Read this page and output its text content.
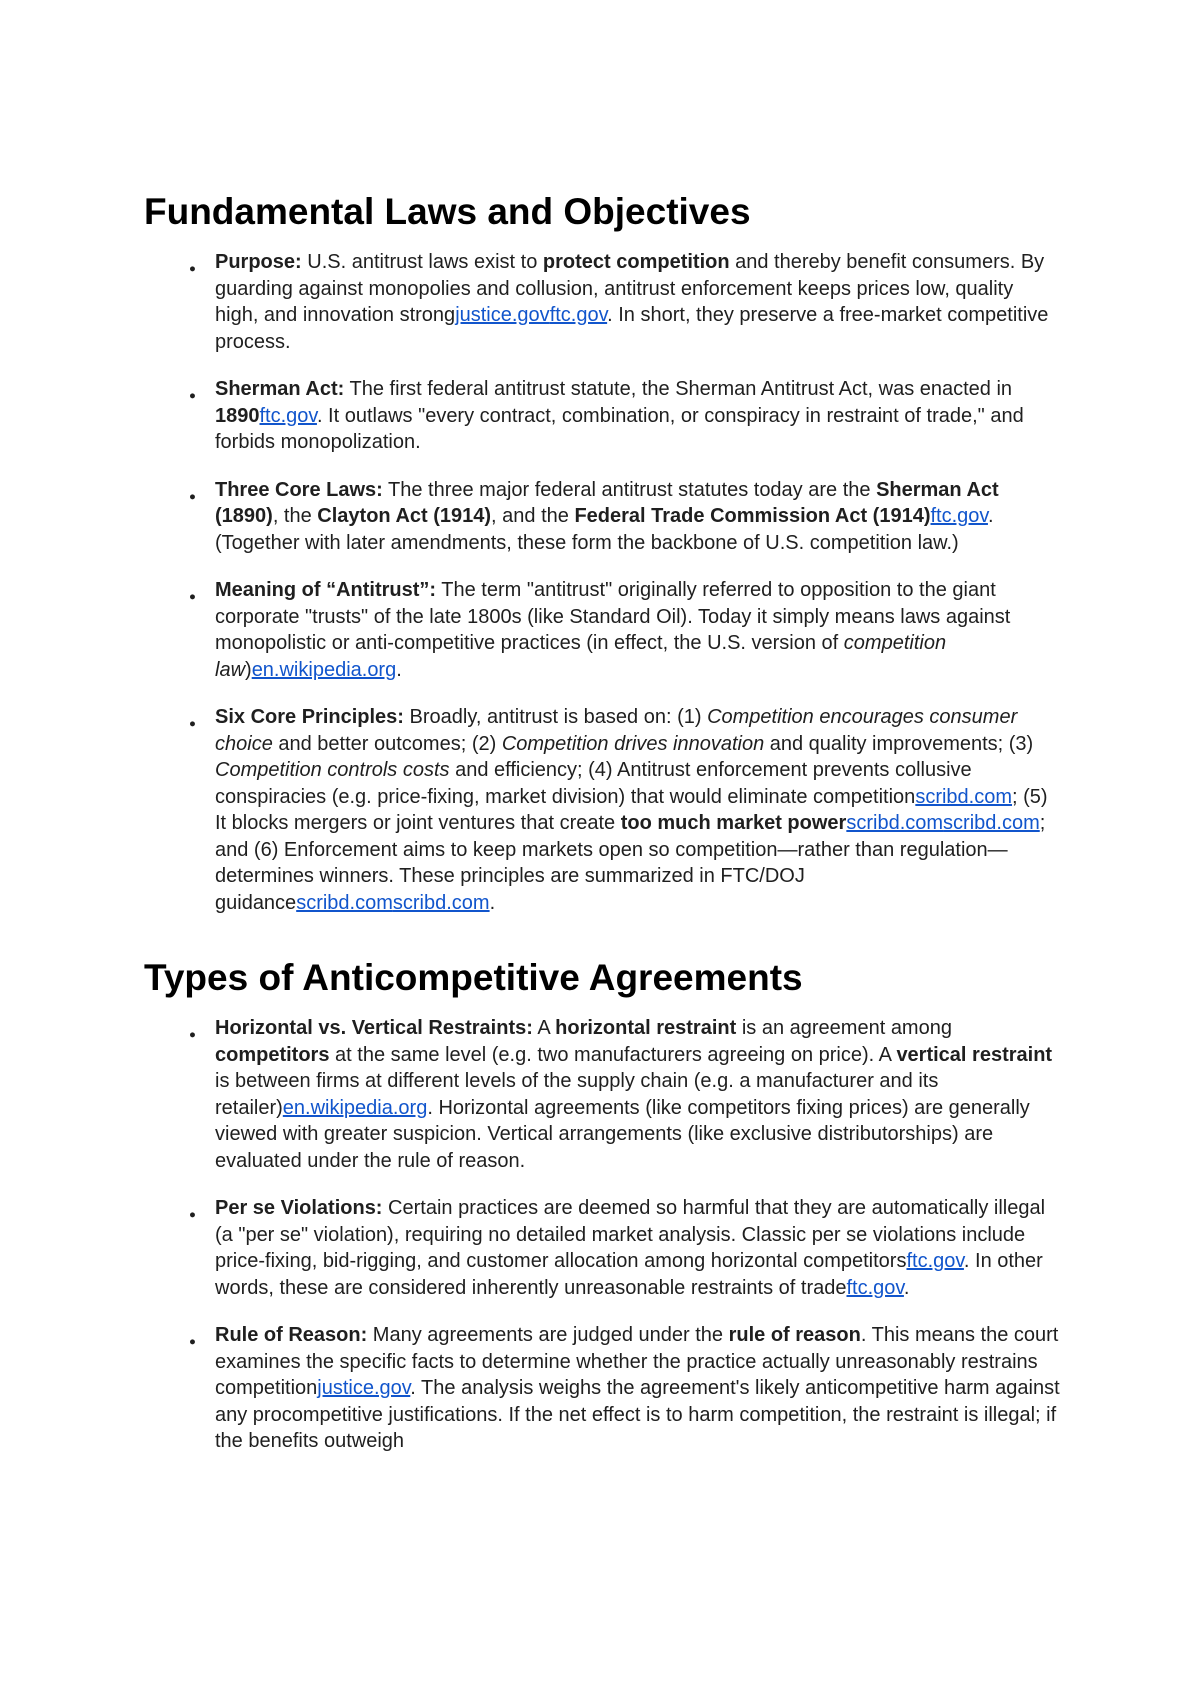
Fundamental Laws and Objectives
● Purpose: U.S. antitrust laws exist to protect competition and thereby benefit consumers. By guarding against monopolies and collusion, antitrust enforcement keeps prices low, quality high, and innovation strongjustice.govftc.gov. In short, they preserve a free-market competitive process.
● Sherman Act: The first federal antitrust statute, the Sherman Antitrust Act, was enacted in 1890ftc.gov. It outlaws "every contract, combination, or conspiracy in restraint of trade," and forbids monopolization.
● Three Core Laws: The three major federal antitrust statutes today are the Sherman Act (1890), the Clayton Act (1914), and the Federal Trade Commission Act (1914)ftc.gov. (Together with later amendments, these form the backbone of U.S. competition law.)
● Meaning of “Antitrust”: The term "antitrust" originally referred to opposition to the giant corporate "trusts" of the late 1800s (like Standard Oil). Today it simply means laws against monopolistic or anti-competitive practices (in effect, the U.S. version of competition law)en.wikipedia.org.
● Six Core Principles: Broadly, antitrust is based on: (1) Competition encourages consumer choice and better outcomes; (2) Competition drives innovation and quality improvements; (3) Competition controls costs and efficiency; (4) Antitrust enforcement prevents collusive conspiracies (e.g. price-fixing, market division) that would eliminate competitionscribd.com; (5) It blocks mergers or joint ventures that create too much market powerscribd.comscribd.com; and (6) Enforcement aims to keep markets open so competition—rather than regulation—determines winners. These principles are summarized in FTC/DOJ guidancescribd.comscribd.com.
Types of Anticompetitive Agreements
● Horizontal vs. Vertical Restraints: A horizontal restraint is an agreement among competitors at the same level (e.g. two manufacturers agreeing on price). A vertical restraint is between firms at different levels of the supply chain (e.g. a manufacturer and its retailer)en.wikipedia.org. Horizontal agreements (like competitors fixing prices) are generally viewed with greater suspicion. Vertical arrangements (like exclusive distributorships) are evaluated under the rule of reason.
● Per se Violations: Certain practices are deemed so harmful that they are automatically illegal (a "per se" violation), requiring no detailed market analysis. Classic per se violations include price-fixing, bid-rigging, and customer allocation among horizontal competitorsftc.gov. In other words, these are considered inherently unreasonable restraints of tradeftc.gov.
● Rule of Reason: Many agreements are judged under the rule of reason. This means the court examines the specific facts to determine whether the practice actually unreasonably restrains competitionjustice.gov. The analysis weighs the agreement's likely anticompetitive harm against any procompetitive justifications. If the net effect is to harm competition, the restraint is illegal; if the benefits outweigh
